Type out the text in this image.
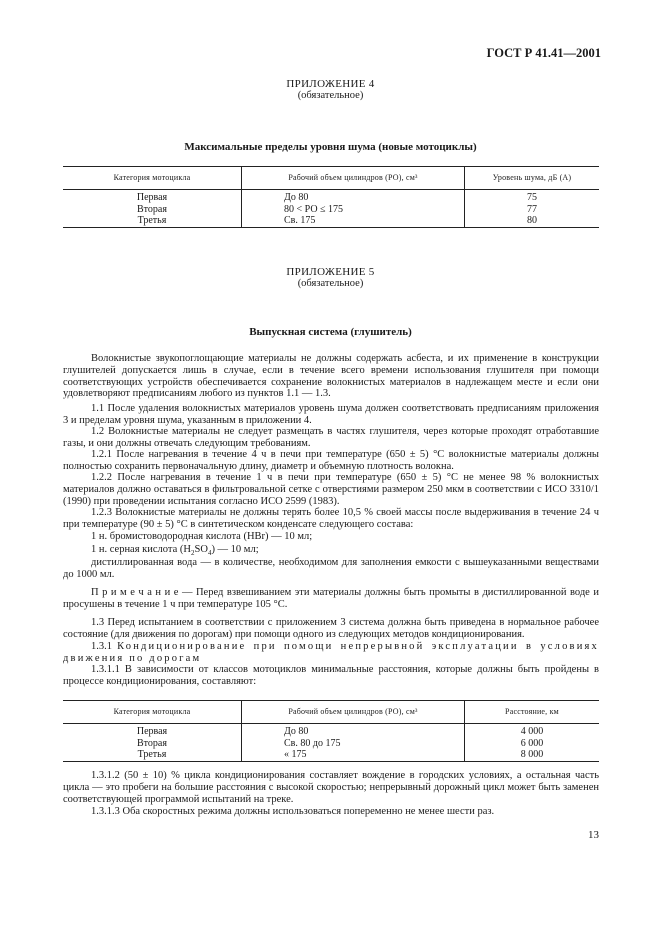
ГОСТ Р 41.41—2001
ПРИЛОЖЕНИЕ 4
(обязательное)
Максимальные пределы уровня шума (новые мотоциклы)
Категория мотоцикла	Рабочий объем цилиндров (РО), см³	Уровень шума, дБ (А)
Первая	До 80	75
Вторая	80 < РО ≤ 175	77
Третья	Св. 175	80
ПРИЛОЖЕНИЕ 5
(обязательное)
Выпускная система (глушитель)

Волокнистые звукопоглощающие материалы не должны содержать асбеста, и их применение в конструкции глушителей допускается лишь в случае, если в течение всего времени использования глушителя при помощи соответствующих устройств обеспечивается сохранение волокнистых материалов в надлежащем месте и если они удовлетворяют предписаниям любого из пунктов 1.1 — 1.3.

1.1 После удаления волокнистых материалов уровень шума должен соответствовать предписаниям приложения 3 и пределам уровня шума, указанным в приложении 4.

1.2 Волокнистые материалы не следует размещать в частях глушителя, через которые проходят отработавшие газы, и они должны отвечать следующим требованиям.

1.2.1 После нагревания в течение 4 ч в печи при температуре (650 ± 5) °С волокнистые материалы должны полностью сохранить первоначальную длину, диаметр и объемную плотность волокна.

1.2.2 После нагревания в течение 1 ч в печи при температуре (650 ± 5) °С не менее 98 % волокнистых материалов должно оставаться в фильтровальной сетке с отверстиями размером 250 мкм в соответствии с ИСО 3310/1 (1990) при проведении испытания согласно ИСО 2599 (1983).

1.2.3 Волокнистые материалы не должны терять более 10,5 % своей массы после выдерживания в течение 24 ч при температуре (90 ± 5) °С в синтетическом конденсате следующего состава:

1 н. бромистоводородная кислота (НBr) — 10 мл;

1 н. серная кислота $(Н_2SO_4)$ — 10 мл;

дистиллированная вода — в количестве, необходимом для заполнения емкости с вышеуказанными веществами до 1000 мл.

П р и м е ч а н и е — Перед взвешиванием эти материалы должны быть промыты в дистиллированной воде и просушены в течение 1 ч при температуре 105 °С.

1.3 Перед испытанием в соответствии с приложением 3 система должна быть приведена в нормальное рабочее состояние (для движения по дорогам) при помощи одного из следующих методов кондиционирования.

1.3.1 Кондиционирование при помощи непрерывной эксплуатации в условиях движения по дорогам

1.3.1.1 В зависимости от классов мотоциклов минимальные расстояния, которые должны быть пройдены в процессе кондиционирования, составляют:

Категория мотоцикла	Рабочий объем цилиндров (РО), см³	Расстояние, км
Первая	До 80	4 000
Вторая	Св. 80 до 175	6 000
Третья	« 175	8 000

1.3.1.2 (50 ± 10) % цикла кондиционирования составляет вождение в городских условиях, а остальная часть цикла — это пробеги на большие расстояния с высокой скоростью; непрерывный дорожный цикл может быть заменен соответствующей программой испытаний на треке.

1.3.1.3 Оба скоростных режима должны использоваться попеременно не менее шести раз.

13
